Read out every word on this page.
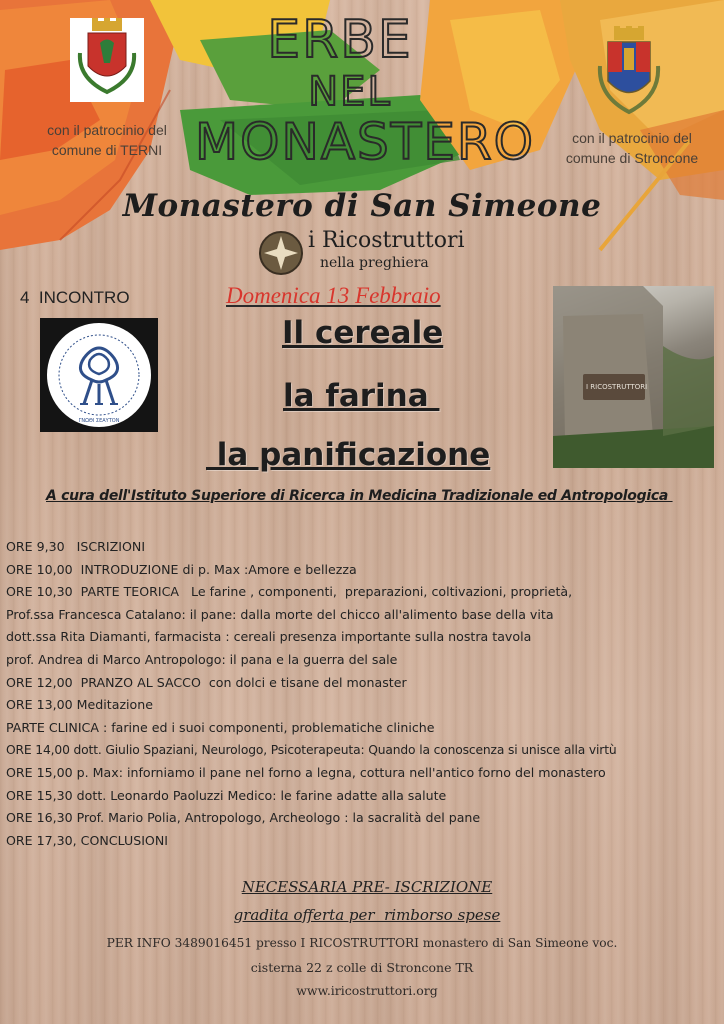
ERBE
NEL
MONASTERO
con il patrocinio del
comune di TERNI
con il patrocinio del
comune di Stroncone
Monastero di San Simeone
i Ricostruttori
nella preghiera
4  INCONTRO	Domenica 13 Febbraio
ΓΝΩΘΙ ΣΕΑΥΤΟΝ
Il cereale
la farina
la panificazione
I RICOSTRUTTORI
A cura dell'Istituto Superiore di Ricerca in Medicina Tradizionale ed Antropologica
ORE 9,30   ISCRIZIONI
ORE 10,00  INTRODUZIONE di p. Max :Amore e bellezza
ORE 10,30  PARTE TEORICA   Le farine , componenti,  preparazioni, coltivazioni, proprietà,
Prof.ssa Francesca Catalano: il pane: dalla morte del chicco all'alimento base della vita
dott.ssa Rita Diamanti, farmacista : cereali presenza importante sulla nostra tavola
prof. Andrea di Marco Antropologo: il pana e la guerra del sale
ORE 12,00  PRANZO AL SACCO  con dolci e tisane del monaster
ORE 13,00 Meditazione
PARTE CLINICA : farine ed i suoi componenti, problematiche cliniche
ORE 14,00 dott. Giulio Spaziani, Neurologo, Psicoterapeuta: Quando la conoscenza si unisce alla virtù
ORE 15,00 p. Max: inforniamo il pane nel forno a legna, cottura nell'antico forno del monastero
ORE 15,30 dott. Leonardo Paoluzzi Medico: le farine adatte alla salute
ORE 16,30 Prof. Mario Polia, Antropologo, Archeologo : la sacralità del pane
ORE 17,30, CONCLUSIONI
NECESSARIA PRE- ISCRIZIONE
gradita offerta per  rimborso spese
PER INFO 3489016451 presso I RICOSTRUTTORI monastero di San Simeone voc.
cisterna 22 z colle di Stroncone TR
www.iricostruttori.org
